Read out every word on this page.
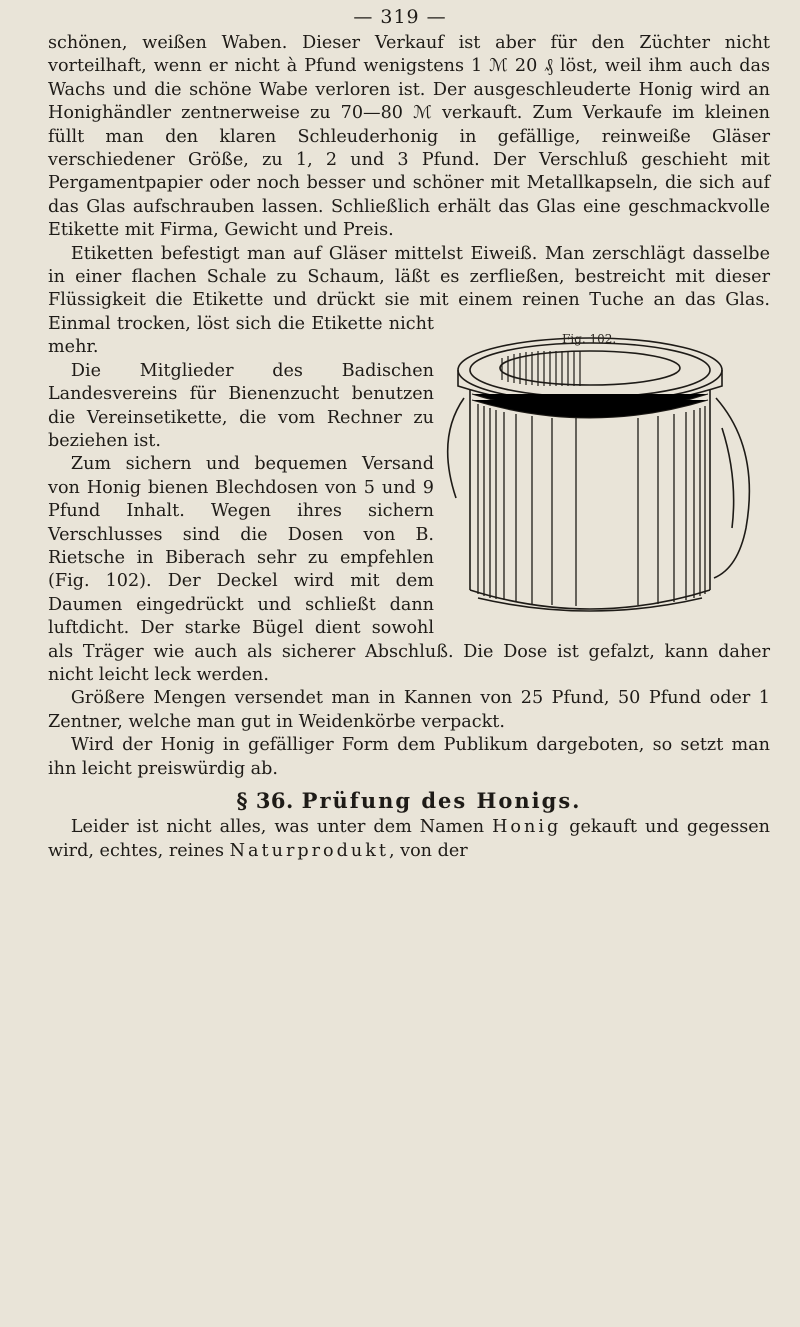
— 319 —
Fig. 102.

schönen, weißen Waben. Dieser Verkauf ist aber für den Züchter nicht vorteilhaft, wenn er nicht à Pfund wenigstens 1 ℳ 20 ₰ löst, weil ihm auch das Wachs und die schöne Wabe verloren ist. Der ausgeschleuderte Honig wird an Honighändler zentnerweise zu 70—80 ℳ verkauft. Zum Verkaufe im kleinen füllt man den klaren Schleuderhonig in gefällige, reinweiße Gläser verschiedener Größe, zu 1, 2 und 3 Pfund. Der Verschluß geschieht mit Pergamentpapier oder noch besser und schöner mit Metallkapseln, die sich auf das Glas aufschrauben lassen. Schließlich erhält das Glas eine geschmackvolle Etikette mit Firma, Gewicht und Preis.

Etiketten befestigt man auf Gläser mittelst Eiweiß. Man zerschlägt dasselbe in einer flachen Schale zu Schaum, läßt es zerfließen, bestreicht mit dieser Flüssigkeit die Etikette und drückt sie mit einem reinen Tuche an das Glas. Einmal trocken, löst sich die Etikette nicht mehr.

Die Mitglieder des Badischen Landesvereins für Bienenzucht benutzen die Vereinsetikette, die vom Rechner zu beziehen ist.

Zum sichern und bequemen Versand von Honig bienen Blechdosen von 5 und 9 Pfund Inhalt. Wegen ihres sichern Verschlusses sind die Dosen von B. Rietsche in Biberach sehr zu empfehlen (Fig. 102). Der Deckel wird mit dem Daumen eingedrückt und schließt dann luftdicht. Der starke Bügel dient sowohl als Träger wie auch als sicherer Abschluß. Die Dose ist gefalzt, kann daher nicht leicht leck werden.

Größere Mengen versendet man in Kannen von 25 Pfund, 50 Pfund oder 1 Zentner, welche man gut in Weidenkörbe verpackt.

Wird der Honig in gefälliger Form dem Publikum dargeboten, so setzt man ihn leicht preiswürdig ab.

§ 36. Prüfung des Honigs.

Leider ist nicht alles, was unter dem Namen Honig gekauft und gegessen wird, echtes, reines Naturprodukt, von der
